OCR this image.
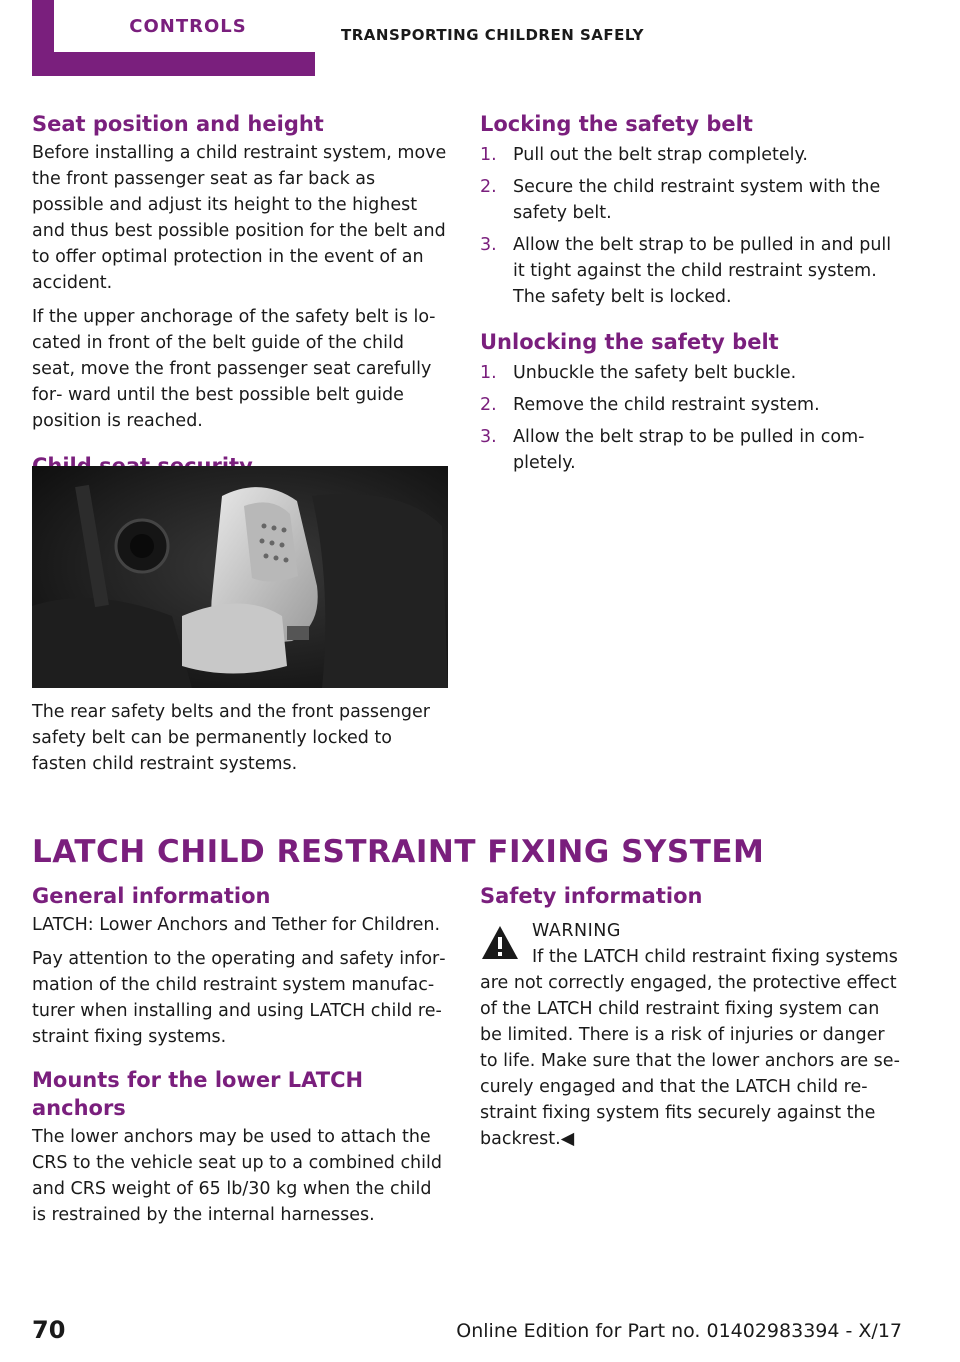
CONTROLS	TRANSPORTING CHILDREN SAFELY
Seat position and height

Before installing a child restraint system, move the front passenger seat as far back as possible and adjust its height to the highest and thus best possible position for the belt and to offer optimal protection in the event of an accident.

If the upper anchorage of the safety belt is lo‐ cated in front of the belt guide of the child seat, move the front passenger seat carefully for‐ ward until the best possible belt guide position is reached.

The rear safety belts and the front passenger safety belt can be permanently locked to fasten child restraint systems.

Locking the safety belt
1. Pull out the belt strap completely.
2. Secure the child restraint system with the safety belt.
3. Allow the belt strap to be pulled in and pull it tight against the child restraint system. The safety belt is locked.
Unlocking the safety belt
1. Unbuckle the safety belt buckle.
2. Remove the child restraint system.
3. Allow the belt strap to be pulled in com‐ pletely.
LATCH CHILD RESTRAINT FIXING SYSTEM
General information

LATCH: Lower Anchors and Tether for Children.

Pay attention to the operating and safety infor‐ mation of the child restraint system manufac‐ turer when installing and using LATCH child re‐ straint fixing systems.

Mounts for the lower LATCH anchors

The lower anchors may be used to attach the CRS to the vehicle seat up to a combined child and CRS weight of 65 lb/30 kg when the child is restrained by the internal harnesses.

Safety information
WARNING

If the LATCH child restraint fixing systems are not correctly engaged, the protective effect of the LATCH child restraint fixing system can be limited. There is a risk of injuries or danger to life. Make sure that the lower anchors are se‐ curely engaged and that the LATCH child re‐ straint fixing system fits securely against the backrest.◀

70	Online Edition for Part no. 01402983394 - X/17
